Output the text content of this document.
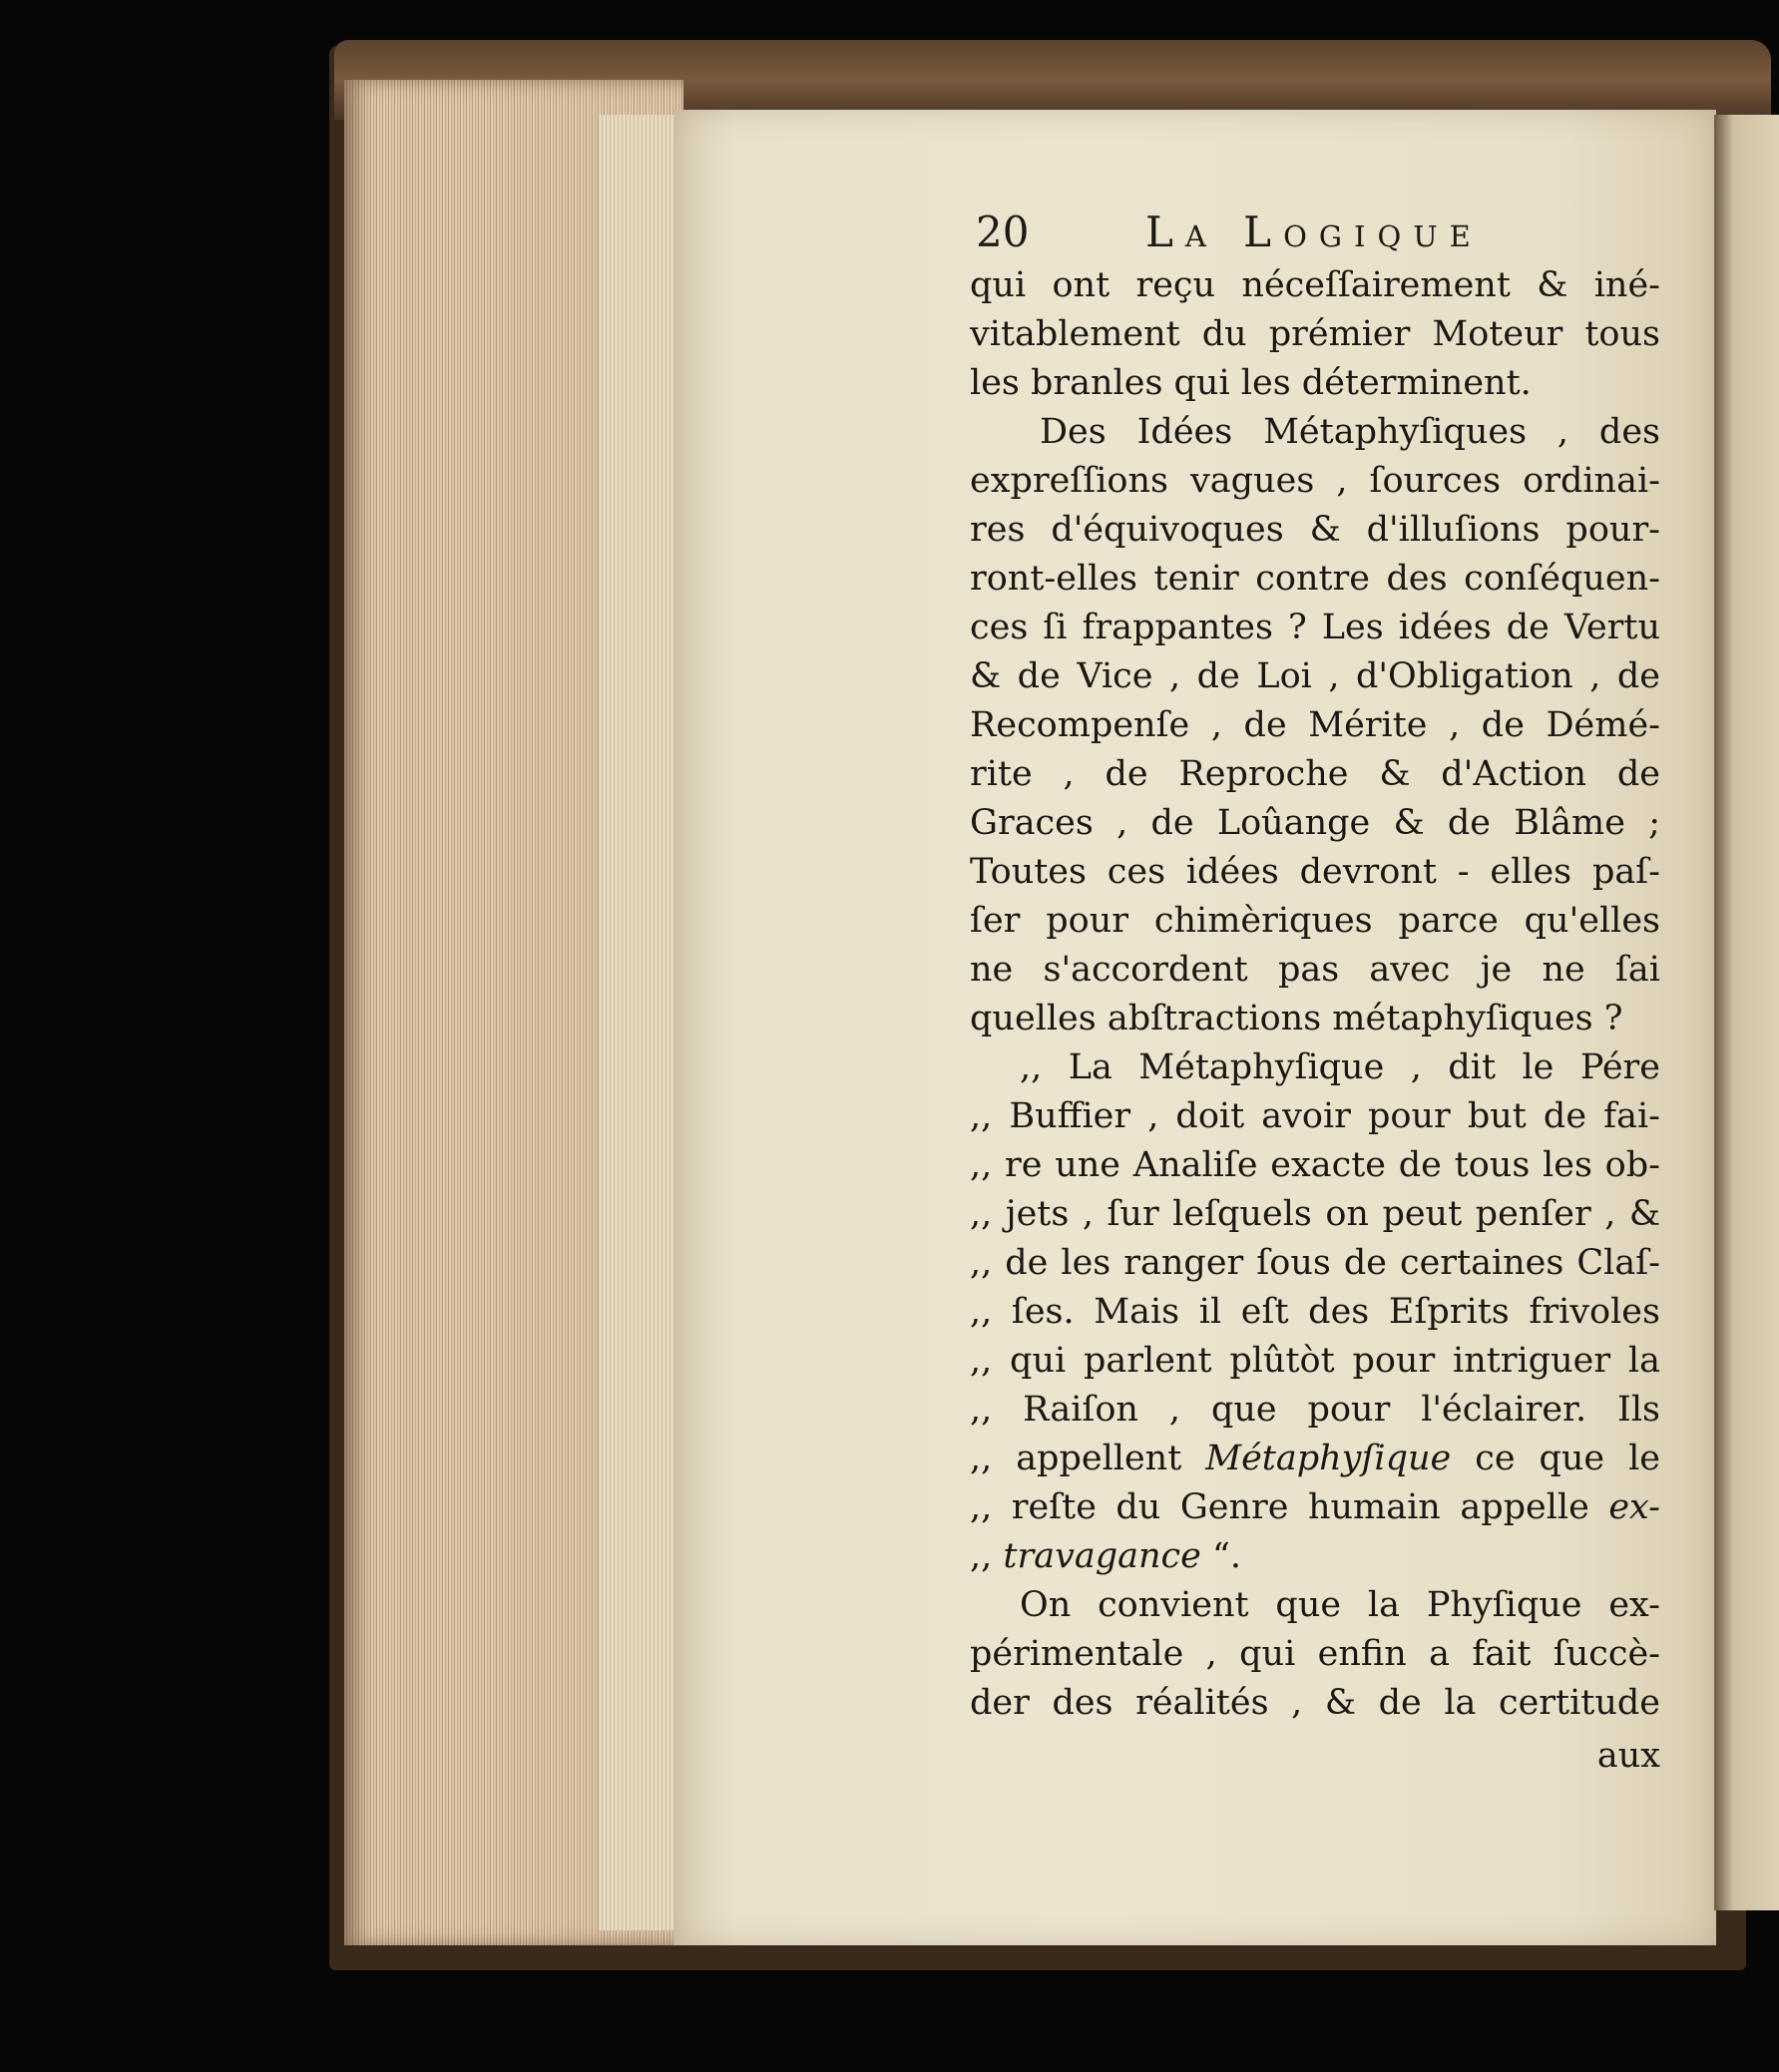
20	La Logique
qui ont reçu néceſſairement & iné-
vitablement du prémier Moteur tous
les branles qui les déterminent.
Des Idées Métaphyſiques , des
expreſſions vagues , ſources ordinai-
res d'équivoques & d'illuſions pour-
ront-elles tenir contre des conſéquen-
ces ſi frappantes ? Les idées de Vertu
& de Vice , de Loi , d'Obligation , de
Recompenſe , de Mérite , de Démé-
rite , de Reproche & d'Action de
Graces , de Loûange & de Blâme ;
Toutes ces idées devront - elles paſ-
ſer pour chimèriques parce qu'elles
ne s'accordent pas avec je ne ſai
quelles abſtractions métaphyſiques ?
,, La Métaphyſique , dit le Pére
,, Buffier , doit avoir pour but de fai-
,, re une Analiſe exacte de tous les ob-
,, jets , ſur leſquels on peut penſer , &
,, de les ranger ſous de certaines Claſ-
,, ſes. Mais il eſt des Eſprits frivoles
,, qui parlent plûtòt pour intriguer la
,, Raiſon , que pour l'éclairer. Ils
,, appellent Métaphyſique ce que le
,, reſte du Genre humain appelle ex-
,, travagance “.
On convient que la Phyſique ex-
périmentale , qui enfin a fait ſuccè-
der des réalités , & de la certitude
aux
